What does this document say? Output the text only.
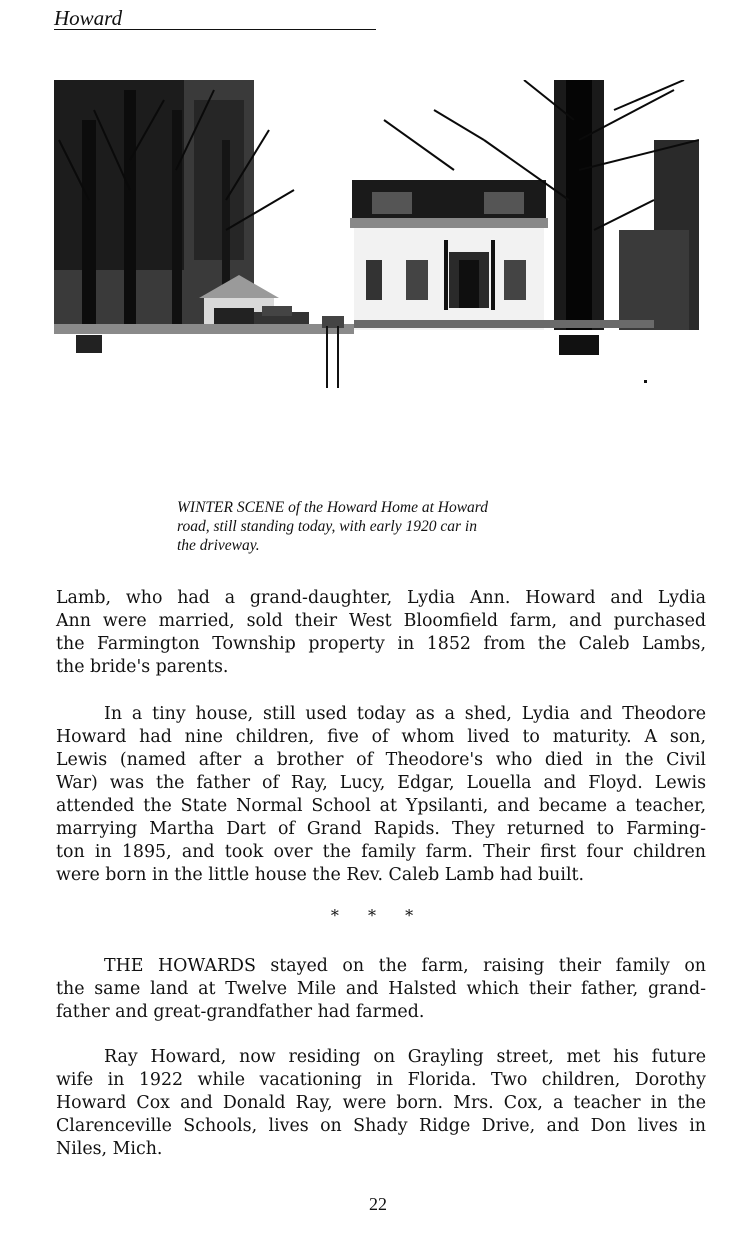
Howard

WINTER SCENE of the Howard Home at Howard
road, still standing today, with early 1920 car in
the driveway.

Lamb, who had a grand-daughter, Lydia Ann. Howard and Lydia
Ann were married, sold their West Bloomfield farm, and purchased
the Farmington Township property in 1852 from the Caleb Lambs,
the bride's parents.
In a tiny house, still used today as a shed, Lydia and Theodore
Howard had nine children, five of whom lived to maturity. A son,
Lewis (named after a brother of Theodore's who died in the Civil
War) was the father of Ray, Lucy, Edgar, Louella and Floyd. Lewis
attended the State Normal School at Ypsilanti, and became a teacher,
marrying Martha Dart of Grand Rapids. They returned to Farming-
ton in 1895, and took over the family farm. Their first four children
were born in the little house the Rev. Caleb Lamb had built.
* * *
THE HOWARDS stayed on the farm, raising their family on
the same land at Twelve Mile and Halsted which their father, grand-
father and great-grandfather had farmed.
Ray Howard, now residing on Grayling street, met his future
wife in 1922 while vacationing in Florida. Two children, Dorothy
Howard Cox and Donald Ray, were born. Mrs. Cox, a teacher in the
Clarenceville Schools, lives on Shady Ridge Drive, and Don lives in
Niles, Mich.
22
